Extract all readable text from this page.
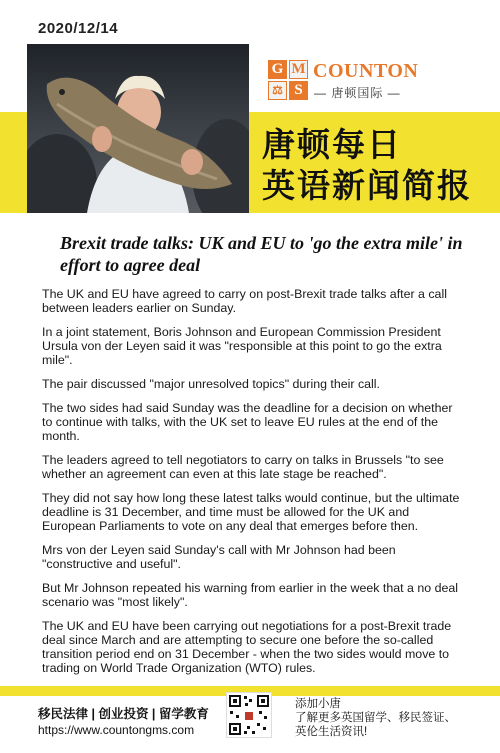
2020/12/14
G M
⚖ S
COUNTON
— 唐顿国际 —
唐顿每日
英语新闻简报
Brexit trade talks: UK and EU to 'go the extra mile' in effort to agree deal

The UK and EU have agreed to carry on post-Brexit trade talks after a call between leaders earlier on Sunday.

In a joint statement, Boris Johnson and European Commission President Ursula von der Leyen said it was "responsible at this point to go the extra mile".

The pair discussed "major unresolved topics" during their call.

The two sides had said Sunday was the deadline for a decision on whether to continue with talks, with the UK set to leave EU rules at the end of the month.

The leaders agreed to tell negotiators to carry on talks in Brussels "to see whether an agreement can even at this late stage be reached".

They did not say how long these latest talks would continue, but the ultimate deadline is 31 December, and time must be allowed for the UK and European Parliaments to vote on any deal that emerges before then.

Mrs von der Leyen said Sunday's call with Mr Johnson had been "constructive and useful".

But Mr Johnson repeated his warning from earlier in the week that a no deal scenario was "most likely".

The UK and EU have been carrying out negotiations for a post-Brexit trade deal since March and are attempting to secure one before the so-called transition period end on 31 December - when the two sides would move to trading on World Trade Organization (WTO) rules.

移民法律 | 创业投资 | 留学教育
https://www.countongms.com
添加小唐
了解更多英国留学、移民签证、
英伦生活资讯!
